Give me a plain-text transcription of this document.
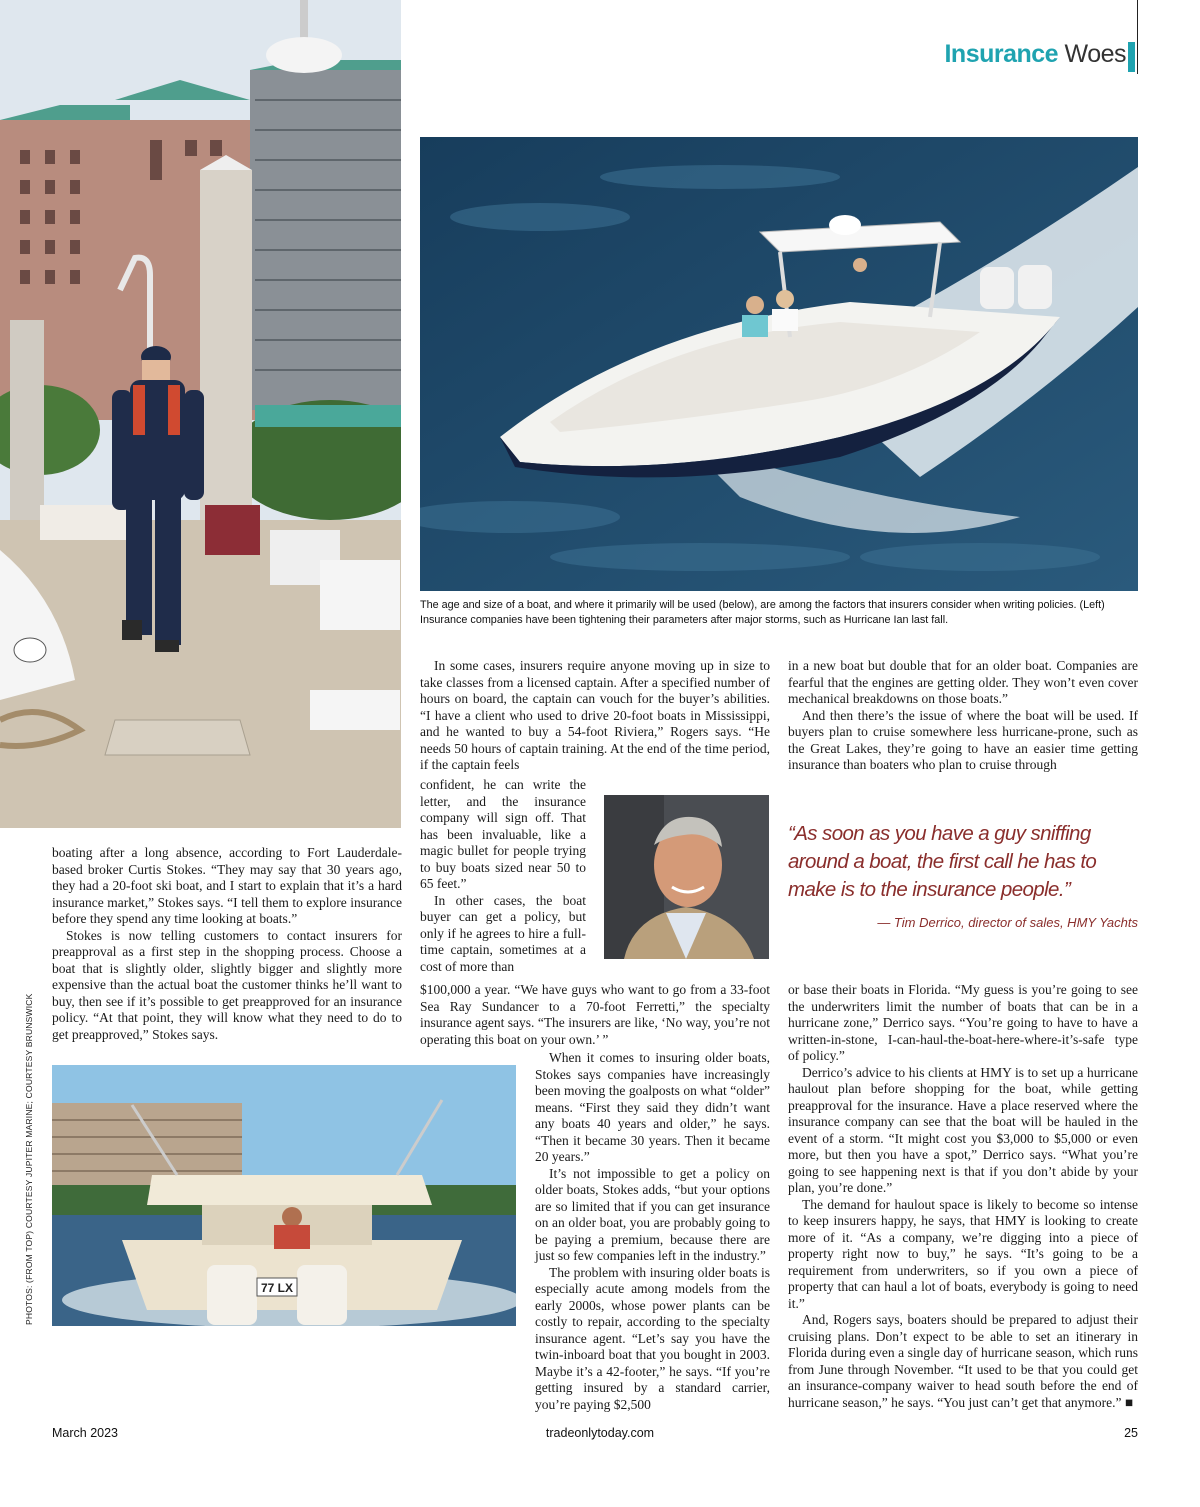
Insurance Woes
The age and size of a boat, and where it primarily will be used (below), are among the factors that insurers consider when writing policies. (Left) Insurance companies have been tightening their parameters after major storms, such as Hurricane Ian last fall.
“As soon as you have a guy sniffing around a boat, the first call he has to make is to the insurance people.”
— Tim Derrico, director of sales, HMY Yachts
77 LX
PHOTOS: (FROM TOP) COURTESY JUPITER MARINE; COURTESY BRUNSWICK

boating after a long absence, according to Fort Lauderdale-based broker Curtis Stokes. “They may say that 30 years ago, they had a 20-foot ski boat, and I start to explain that it’s a hard insurance market,” Stokes says. “I tell them to explore insurance before they spend any time looking at boats.”

Stokes is now telling customers to contact insurers for preapproval as a first step in the shopping process. Choose a boat that is slightly older, slightly bigger and slightly more expensive than the actual boat the customer thinks he’ll want to buy, then see if it’s possible to get preapproved for an insurance policy. “At that point, they will know what they need to do to get preapproved,” Stokes says.

In some cases, insurers require anyone moving up in size to take classes from a licensed captain. After a specified number of hours on board, the captain can vouch for the buyer’s abilities. “I have a client who used to drive 20-foot boats in Mississippi, and he wanted to buy a 54-foot Riviera,” Rogers says. “He needs 50 hours of captain training. At the end of the time period, if the captain feels

confident, he can write the letter, and the insurance company will sign off. That has been invaluable, like a magic bullet for people trying to buy boats sized near 50 to 65 feet.”

In other cases, the boat buyer can get a policy, but only if he agrees to hire a full-time captain, sometimes at a cost of more than

$100,000 a year. “We have guys who want to go from a 33-foot Sea Ray Sundancer to a 70-foot Ferretti,” the specialty insurance agent says. “The insurers are like, ‘No way, you’re not operating this boat on your own.’ ”

When it comes to insuring older boats, Stokes says companies have increasingly been moving the goalposts on what “older” means. “First they said they didn’t want any boats 40 years and older,” he says. “Then it became 30 years. Then it became 20 years.”

It’s not impossible to get a policy on older boats, Stokes adds, “but your options are so limited that if you can get insurance on an older boat, you are probably going to be paying a premium, because there are just so few companies left in the industry.”

The problem with insuring older boats is especially acute among models from the early 2000s, whose power plants can be costly to repair, according to the specialty insurance agent. “Let’s say you have the twin-inboard boat that you bought in 2003. Maybe it’s a 42-footer,” he says. “If you’re getting insured by a standard carrier, you’re paying $2,500

in a new boat but double that for an older boat. Companies are fearful that the engines are getting older. They won’t even cover mechanical breakdowns on those boats.”

And then there’s the issue of where the boat will be used. If buyers plan to cruise somewhere less hurricane-prone, such as the Great Lakes, they’re going to have an easier time getting insurance than boaters who plan to cruise through

or base their boats in Florida. “My guess is you’re going to see the underwriters limit the number of boats that can be in a hurricane zone,” Derrico says. “You’re going to have to have a written-in-stone, I-can-haul-the-boat-here-where-it’s-safe type of policy.”

Derrico’s advice to his clients at HMY is to set up a hurricane haulout plan before shopping for the boat, while getting preapproval for the insurance. Have a place reserved where the insurance company can see that the boat will be hauled in the event of a storm. “It might cost you $3,000 to $5,000 or even more, but then you have a spot,” Derrico says. “What you’re going to see happening next is that if you don’t abide by your plan, you’re done.”

The demand for haulout space is likely to become so intense to keep insurers happy, he says, that HMY is looking to create more of it. “As a company, we’re digging into a piece of property right now to buy,” he says. “It’s going to be a requirement from underwriters, so if you own a piece of property that can haul a lot of boats, everybody is going to need it.”

And, Rogers says, boaters should be prepared to adjust their cruising plans. Don’t expect to be able to set an itinerary in Florida during even a single day of hurricane season, which runs from June through November. “It used to be that you could get an insurance-company waiver to head south before the end of hurricane season,” he says. “You just can’t get that anymore.” ■

March 2023	tradeonlytoday.com	25
